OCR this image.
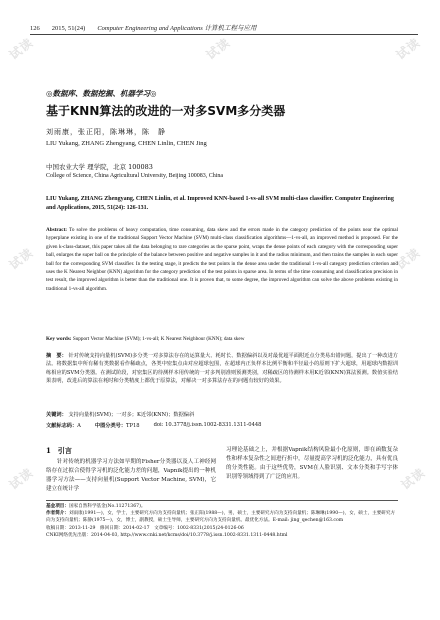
试读	试读	试读
试读	试读
试读	试读
126 2015, 51(24) Computer Engineering and Applications 计算机工程与应用
◎数据库、数据挖掘、机器学习◎
基于KNN算法的改进的一对多SVM多分类器
刘雨康，张正阳，陈琳琳，陈　静
LIU Yukang, ZHANG Zhengyang, CHEN Linlin, CHEN Jing
中国农业大学 理学院，北京 100083
College of Science, China Agricultural University, Beijing 100083, China
LIU Yukang, ZHANG Zhengyang, CHEN Linlin, et al. Improved KNN-based 1-vs-all SVM multi-class classifier. Computer Engineering and Applications, 2015, 51(24): 126-131.
Abstract: To solve the problems of heavy computation, time consuming, data skew and the errors made in the category prediction of the points near the optimal hyperplane existing in one of the traditional Support Vector Machine (SVM) multi-class classification algorithms—1-vs-all, an improved method is proposed. For the given k-class-dataset, this paper takes all the data belonging to rare categories as the sparse point, wraps the dense points of each category with the corresponding super ball, enlarges the super ball on the principle of the balance between positive and negative samples in it and the radius minimum, and then trains the samples in each super ball for the corresponding SVM classifier. In the testing stage, it predicts the test points in the dense area under the traditional 1-vs-all category prediction criterion and uses the K Nearest Neighbor (KNN) algorithm for the category prediction of the test points in sparse area. In terms of the time consuming and classification precision in test result, the improved algorithm is better than the traditional one. It is proven that, to some degree, the improved algorithm can solve the above problems existing in traditional 1-vs-all algorithm.
Key words: Support Vector Machine (SVM); 1-vs-all; K Nearest Neighbour (KNN); data skew
摘　要： 针对传统支持向量机(SVM)多分类一对多算法存在的运算量大、耗时长、数据偏斜以及对最优超平面附近点分类易出错问题，提出了一种改进方法。将数据集中所有稀有类数据看作稀疏点，各类中密集点由对应超球包围，在超球内正负样本比例平衡和半径最小的原则下扩大超球，用超球内数据训练相应的SVM分类器。在测试阶段，对密集区的待测样本用传统的一对多判别准则预测类别，对稀疏区的待测样本用K近邻(KNN)算法预测。数值实验结果表明，改进后的算法在耗时和分类精度上都优于原算法，对解决一对多算法存在的问题有较好的效果。
关键词： 支持向量机(SVM)；一对多；K近邻(KNN)；数据偏斜
文献标志码：A	中图分类号：TP18	doi: 10.3778/j.issn.1002-8331.1311-0448
1　引言
针对传统的机器学习方法如早期的Fisher分类器以及人工神经网络存在过拟合使得学习机的泛化能力差的问题，Vapnik提出的一种机器学习方法——支持向量机(Support Vector Machine, SVM)，它建立在统计学
习理论基础之上，并根据Vapnik结构风险最小化原则，即在函数复杂性和样本复杂性之间进行折中，尽量提高学习机的泛化能力，具有优良的分类性能。由于这些优势，SVM在人脸识别、文本分类和手写字体识别等领域得到了广泛的应用。
基金项目：国家自然科学基金(No.11271367)。
作者简介：刘雨康(1991—)，女，学士，主要研究方向为支持向量机；张正阳(1988—)，男，硕士，主要研究方向为支持向量机；陈琳琳(1990—)，女，硕士，主要研究方向为支持向量机；陈静(1975—)，女，博士，副教授，硕士生导师，主要研究方向为支持向量机、最优化方法。E-mail: jing_qechen@163.com
收稿日期：2013-11-29　修回日期：2014-02-17　文章编号：1002-8331(2015)24-0126-06
CNKI网络优先出版：2014-04-03, http://www.cnki.net/kcms/doi/10.3778/j.issn.1002-8331.1311-0448.html
